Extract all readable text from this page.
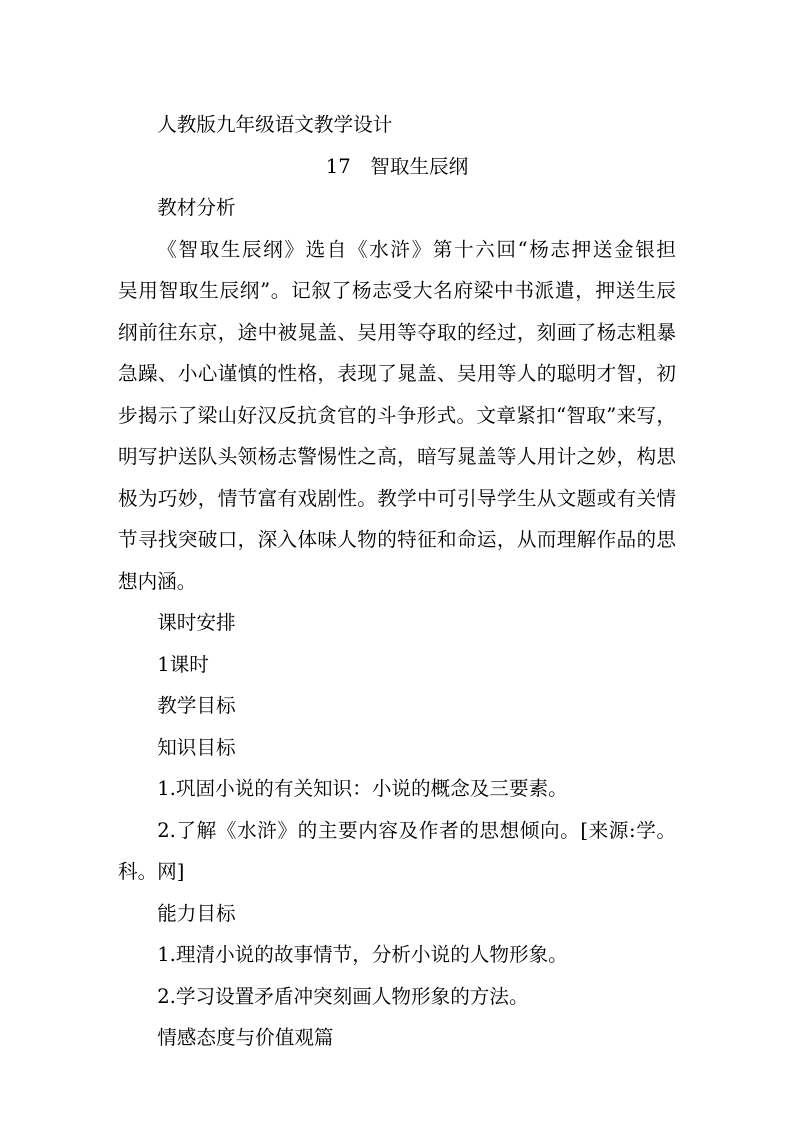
人教版九年级语文教学设计

17　智取生辰纲

教材分析

《智取生辰纲》选自《水浒》第十六回“杨志押送金银担　吴用智取生辰纲”。记叙了杨志受大名府梁中书派遣，押送生辰纲前往东京，途中被晁盖、吴用等夺取的经过，刻画了杨志粗暴急躁、小心谨慎的性格，表现了晁盖、吴用等人的聪明才智，初步揭示了梁山好汉反抗贪官的斗争形式。文章紧扣“智取”来写，明写护送队头领杨志警惕性之高，暗写晁盖等人用计之妙，构思极为巧妙，情节富有戏剧性。教学中可引导学生从文题或有关情节寻找突破口，深入体味人物的特征和命运，从而理解作品的思想内涵。

课时安排

1课时

教学目标

知识目标

1.巩固小说的有关知识：小说的概念及三要素。

2.了解《水浒》的主要内容及作者的思想倾向。[来源:学。科。网]

能力目标

1.理清小说的故事情节，分析小说的人物形象。

2.学习设置矛盾冲突刻画人物形象的方法。

情感态度与价值观篇
